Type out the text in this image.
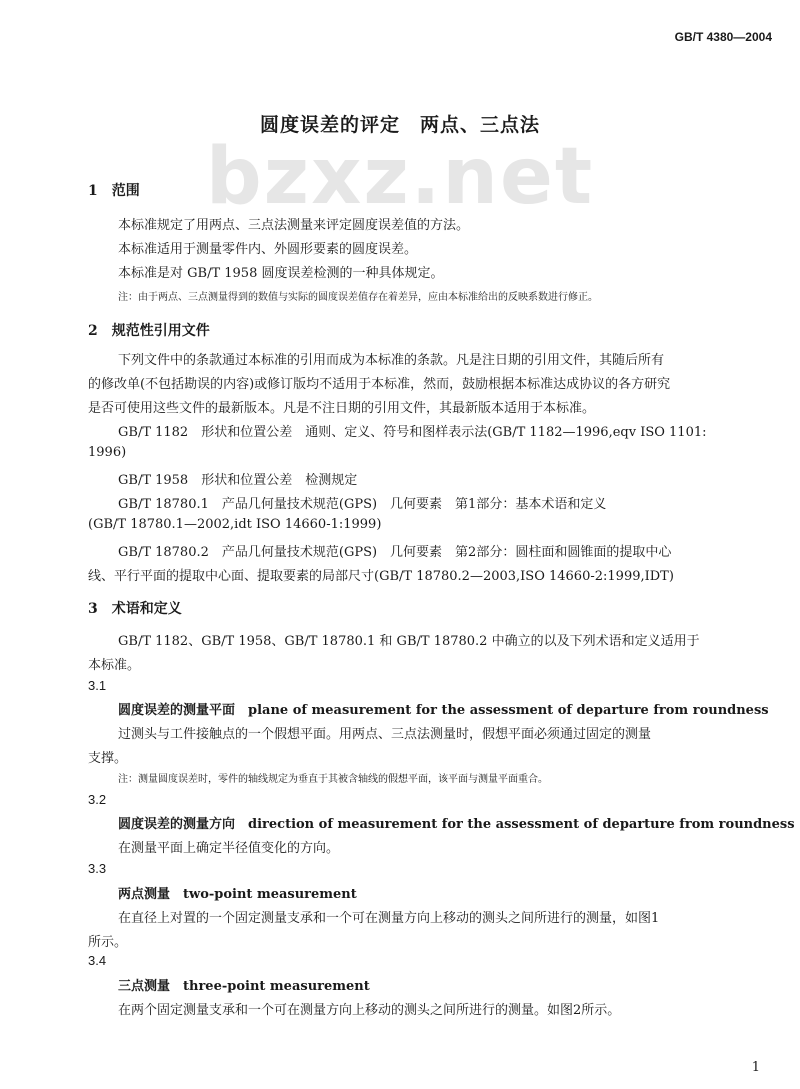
GB/T 4380—2004
bzxz.net
圆度误差的评定　两点、三点法
1　范围
本标准规定了用两点、三点法测量来评定圆度误差值的方法。
本标准适用于测量零件内、外圆形要素的圆度误差。
本标准是对 GB/T 1958 圆度误差检测的一种具体规定。
注：由于两点、三点测量得到的数值与实际的圆度误差值存在着差异，应由本标准给出的反映系数进行修正。
2　规范性引用文件
下列文件中的条款通过本标准的引用而成为本标准的条款。凡是注日期的引用文件，其随后所有
的修改单(不包括勘误的内容)或修订版均不适用于本标准，然而，鼓励根据本标准达成协议的各方研究
是否可使用这些文件的最新版本。凡是不注日期的引用文件，其最新版本适用于本标准。
GB/T 1182　形状和位置公差　通则、定义、符号和图样表示法(GB/T 1182—1996,eqv ISO 1101:
1996)
GB/T 1958　形状和位置公差　检测规定
GB/T 18780.1　产品几何量技术规范(GPS)　几何要素　第1部分：基本术语和定义
(GB/T 18780.1—2002,idt ISO 14660-1:1999)
GB/T 18780.2　产品几何量技术规范(GPS)　几何要素　第2部分：圆柱面和圆锥面的提取中心
线、平行平面的提取中心面、提取要素的局部尺寸(GB/T 18780.2—2003,ISO 14660-2:1999,IDT)
3　术语和定义
GB/T 1182、GB/T 1958、GB/T 18780.1 和 GB/T 18780.2 中确立的以及下列术语和定义适用于
本标准。
3.1
圆度误差的测量平面　plane of measurement for the assessment of departure from roundness
过测头与工件接触点的一个假想平面。用两点、三点法测量时，假想平面必须通过固定的测量
支撑。
注：测量圆度误差时，零件的轴线规定为垂直于其被含轴线的假想平面，该平面与测量平面重合。
3.2
圆度误差的测量方向　direction of measurement for the assessment of departure from roundness
在测量平面上确定半径值变化的方向。
3.3
两点测量　two-point measurement
在直径上对置的一个固定测量支承和一个可在测量方向上移动的测头之间所进行的测量，如图1
所示。
3.4
三点测量　three-point measurement
在两个固定测量支承和一个可在测量方向上移动的测头之间所进行的测量。如图2所示。
1
